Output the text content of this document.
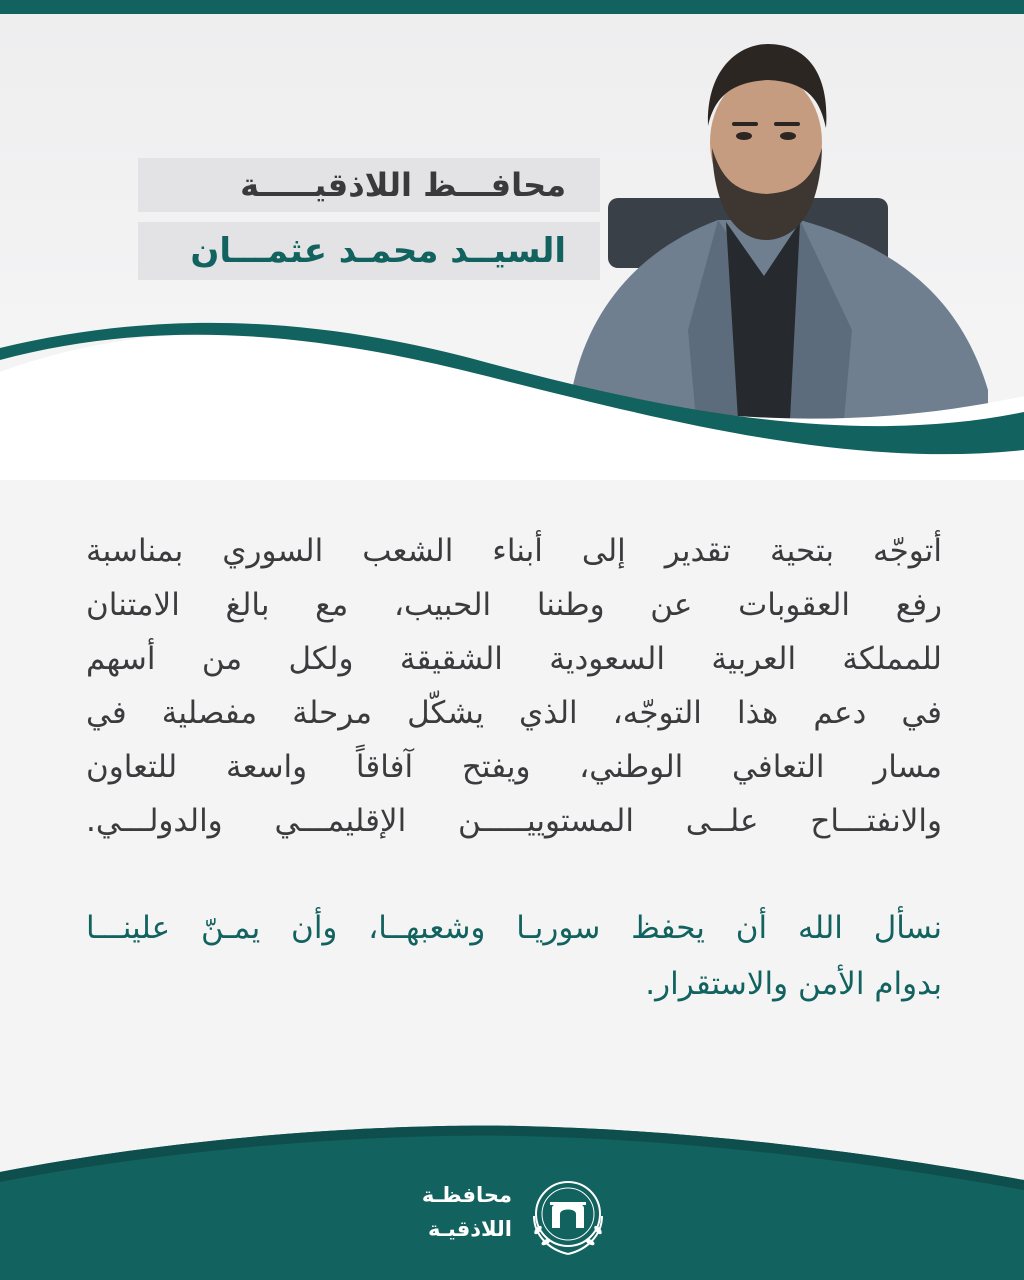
محافـــظ اللاذقيـــــة
السيــد محمـد عثمـــان
أتوجّه بتحية تقدير إلى أبناء الشعب السوري بمناسبة
رفع العقوبات عن وطننا الحبيب، مع بالغ الامتنان
للمملكة العربية السعودية الشقيقة ولكل من أسهم
في دعم هذا التوجّه، الذي يشكّل مرحلة مفصلية في
مسار التعافي الوطني، ويفتح آفاقاً واسعة للتعاون
والانفتـــاح علــى المستوييـــــن الإقليمـــي والدولـــي.
نسأل الله أن يحفظ سوريـا وشعبهــا، وأن يمـنّ علينـــا
بدوام الأمن والاستقرار.
محافظـة
اللاذقيـة
